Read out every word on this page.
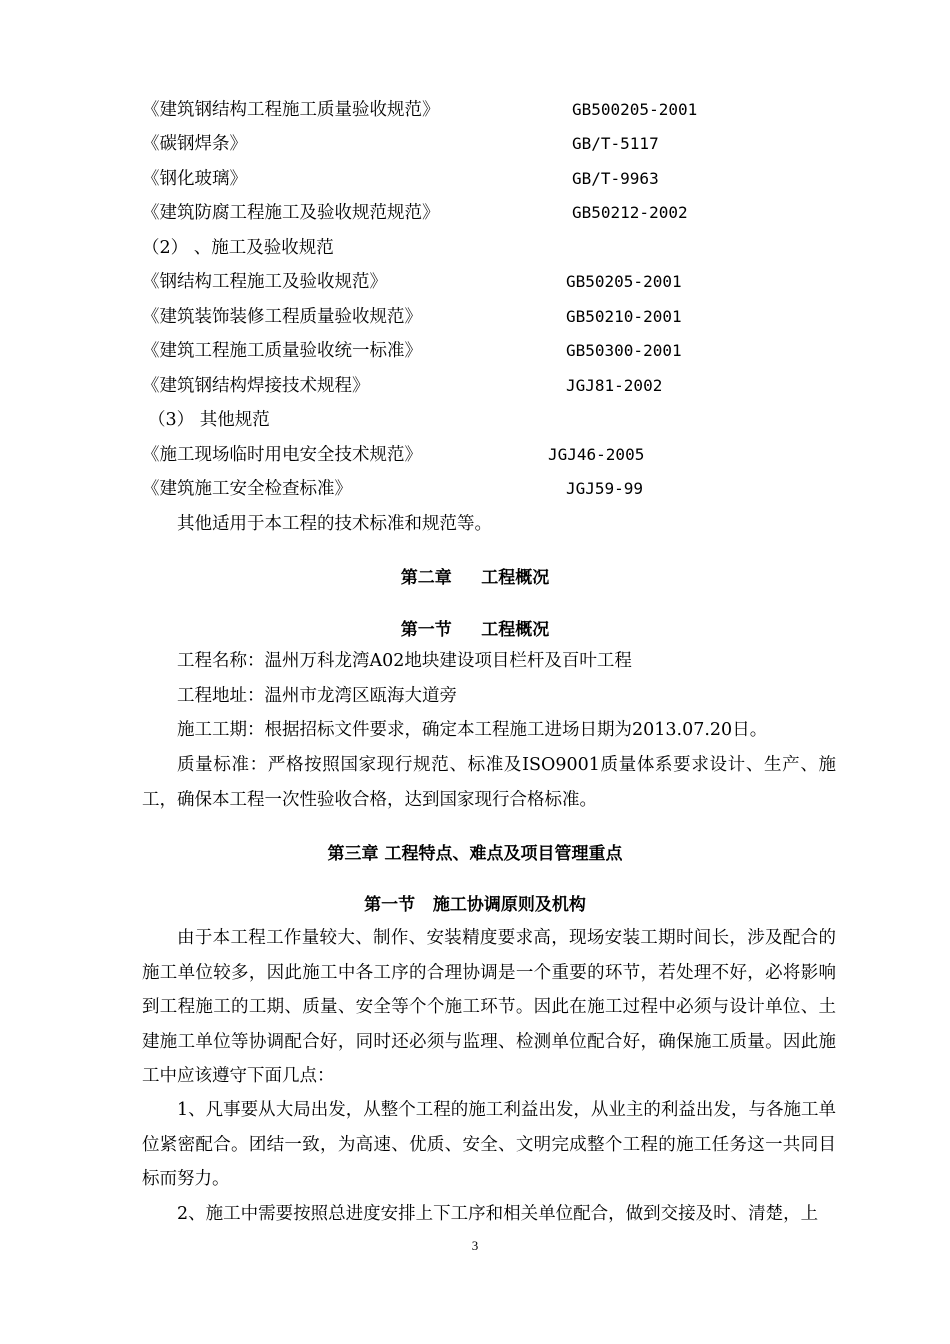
《建筑钢结构工程施工质量验收规范》	GB500205-2001
《碳钢焊条》	GB/T-5117
《钢化玻璃》	GB/T-9963
《建筑防腐工程施工及验收规范规范》	GB50212-2002
（2） 、施工及验收规范
《钢结构工程施工及验收规范》	GB50205-2001
《建筑装饰装修工程质量验收规范》	GB50210-2001
《建筑工程施工质量验收统一标准》	GB50300-2001
《建筑钢结构焊接技术规程》	JGJ81-2002
（3） 其他规范
《施工现场临时用电安全技术规范》	JGJ46-2005
《建筑施工安全检查标准》	JGJ59-99
其他适用于本工程的技术标准和规范等。
第二章     工程概况
第一节     工程概况
工程名称：温州万科龙湾A02地块建设项目栏杆及百叶工程
工程地址：温州市龙湾区瓯海大道旁
施工工期：根据招标文件要求，确定本工程施工进场日期为2013.07.20日。
质量标准：严格按照国家现行规范、标准及ISO9001质量体系要求设计、生产、施工，确保本工程一次性验收合格，达到国家现行合格标准。
第三章 工程特点、难点及项目管理重点
第一节   施工协调原则及机构
由于本工程工作量较大、制作、安装精度要求高，现场安装工期时间长，涉及配合的施工单位较多，因此施工中各工序的合理协调是一个重要的环节，若处理不好，必将影响到工程施工的工期、质量、安全等个个施工环节。因此在施工过程中必须与设计单位、土建施工单位等协调配合好，同时还必须与监理、检测单位配合好，确保施工质量。因此施工中应该遵守下面几点：
1、凡事要从大局出发，从整个工程的施工利益出发，从业主的利益出发，与各施工单位紧密配合。团结一致，为高速、优质、安全、文明完成整个工程的施工任务这一共同目标而努力。
2、施工中需要按照总进度安排上下工序和相关单位配合，做到交接及时、清楚，上
3
